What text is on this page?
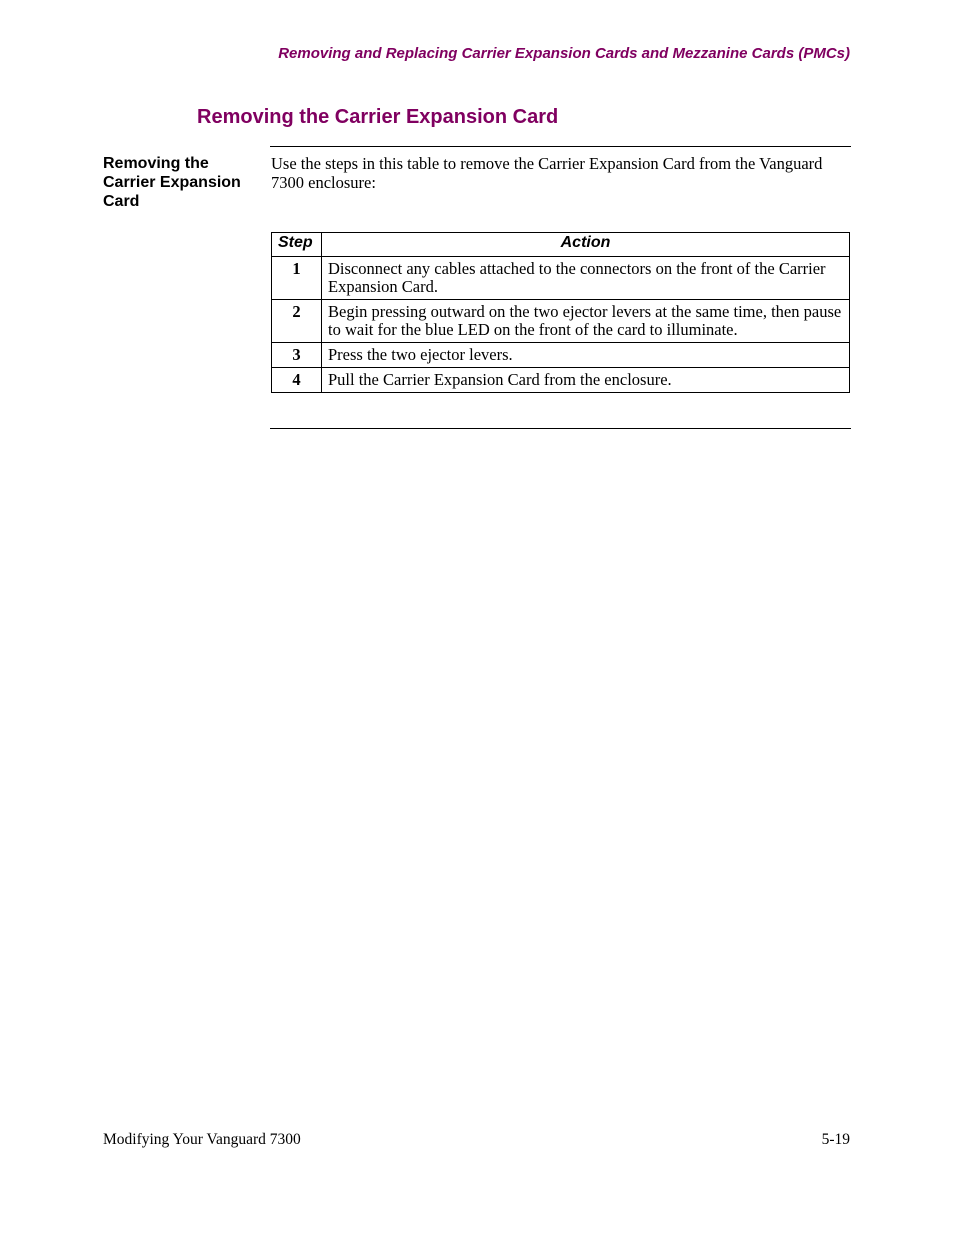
Removing and Replacing Carrier Expansion Cards and Mezzanine Cards (PMCs)
Removing the Carrier Expansion Card
Removing the Carrier Expansion Card
Use the steps in this table to remove the Carrier Expansion Card from the Vanguard 7300 enclosure:
Step	Action
1	Disconnect any cables attached to the connectors on the front of the Carrier Expansion Card.
2	Begin pressing outward on the two ejector levers at the same time, then pause to wait for the blue LED on the front of the card to illuminate.
3	Press the two ejector levers.
4	Pull the Carrier Expansion Card from the enclosure.
Modifying Your Vanguard 7300	5-19
